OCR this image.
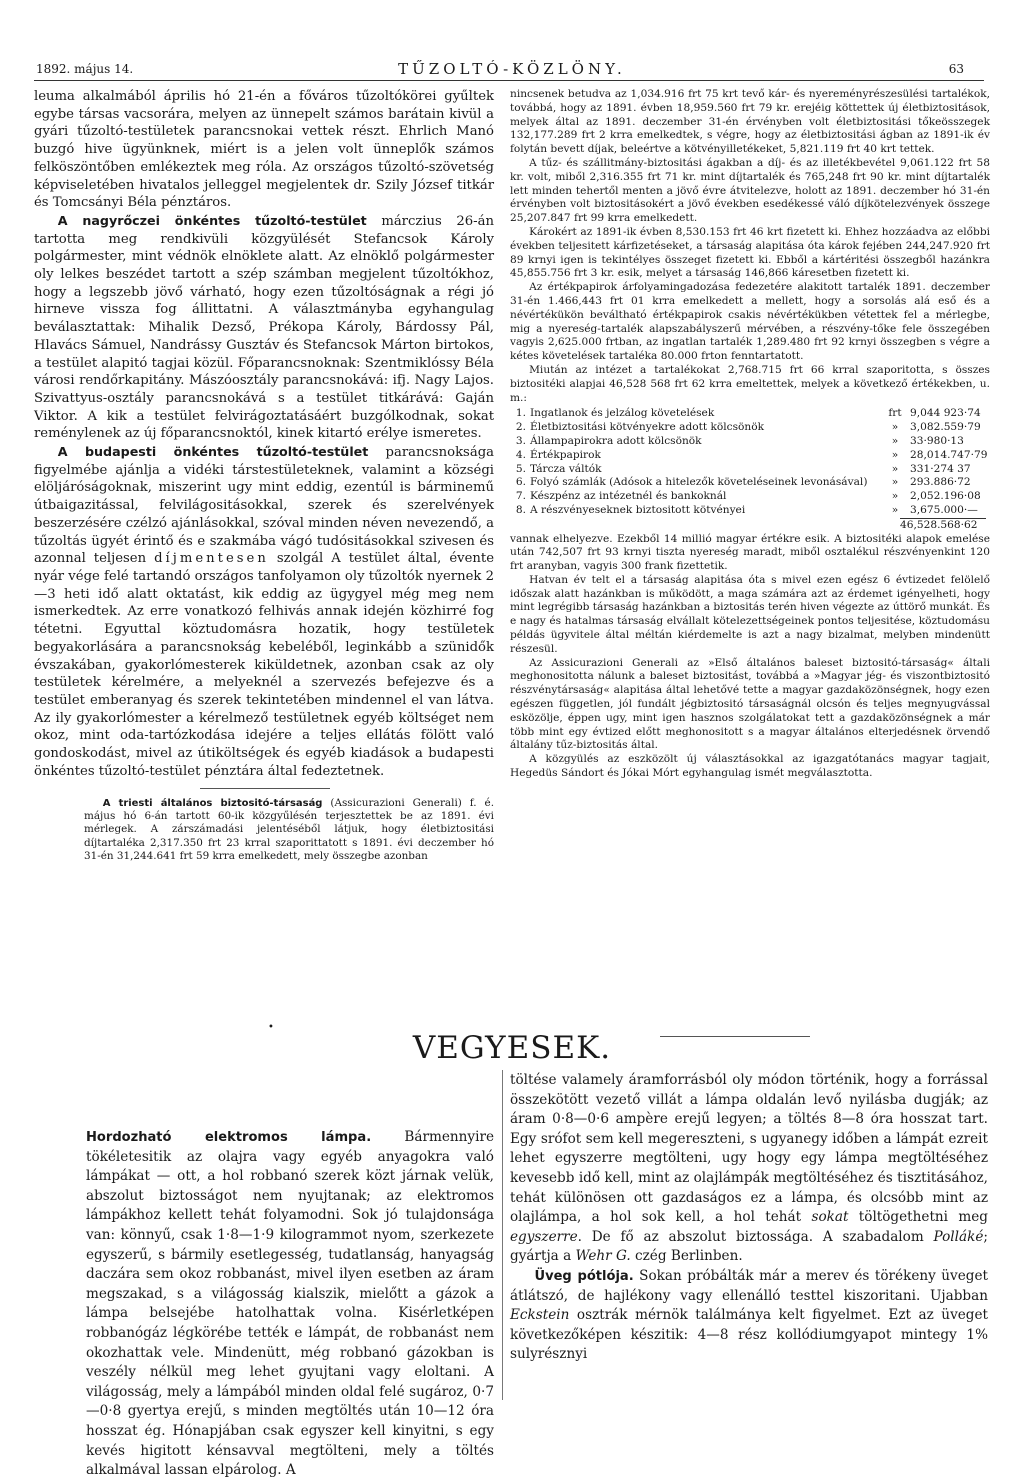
1892. május 14.	TŰZOLTÓ-KÖZLÖNY.	63

leuma alkalmából április hó 21-én a főváros tűzoltókörei gyűltek egybe társas vacsorára, melyen az ünnepelt számos barátain kivül a gyári tűzoltó-testületek parancsnokai vettek részt. Ehrlich Manó buzgó hive ügyünknek, miért is a jelen volt ünneplők számos felköszöntőben emlékeztek meg róla. Az országos tűzoltó-szövetség képviseletében hivatalos jelleggel megjelentek dr. Szily József titkár és Tomcsányi Béla pénztáros.

A nagyrőczei önkéntes tűzoltó-testület márczius 26-án tartotta meg rendkivüli közgyülését Stefancsok Károly polgármester, mint védnök elnöklete alatt. Az elnöklő polgármester oly lelkes beszédet tartott a szép számban megjelent tűzoltókhoz, hogy a legszebb jövő várható, hogy ezen tűzoltóságnak a régi jó hirneve vissza fog állittatni. A választmányba egyhangulag beválasztattak: Mihalik Dezső, Prékopa Károly, Bárdossy Pál, Hlavács Sámuel, Nandrássy Gusztáv és Stefancsok Márton birtokos, a testület alapitó tagjai közül. Főparancsnoknak: Szentmiklóssy Béla városi rendőrkapitány. Mászóosztály parancsnokává: ifj. Nagy Lajos. Szivattyus-osztály parancsnokává s a testület titkárává: Gaján Viktor. A kik a testület felvirágoztatásáért buzgólkodnak, sokat reménylenek az új főparancsnoktól, kinek kitartó erélye ismeretes.

A budapesti önkéntes tűzoltó-testület parancsnoksága figyelmébe ajánlja a vidéki társtestületeknek, valamint a községi elöljáróságoknak, miszerint ugy mint eddig, ezentúl is bárminemű útbaigazitással, felvilágositásokkal, szerek és szerelvények beszerzésére czélzó ajánlásokkal, szóval minden néven nevezendő, a tűzoltás ügyét érintő és e szakmába vágó tudósitásokkal szivesen és azonnal teljesen díjmentesen szolgál A testület által, évente nyár vége felé tartandó országos tanfolyamon oly tűzoltók nyernek 2—3 heti idő alatt oktatást, kik eddig az ügygyel még meg nem ismerkedtek. Az erre vonatkozó felhivás annak idején közhirré fog tétetni. Egyuttal köztudomásra hozatik, hogy testületek begyakorlására a parancsnokság kebeléből, leginkább a szünidők évszakában, gyakorlómesterek kiküldetnek, azonban csak az oly testületek kérelmére, a melyeknél a szervezés befejezve és a testület emberanyag és szerek tekintetében mindennel el van látva. Az ily gyakorlómester a kérelmező testületnek egyéb költséget nem okoz, mint oda-tartózkodása idejére a teljes ellátás fölött való gondoskodást, mivel az útiköltségek és egyéb kiadások a budapesti önkéntes tűzoltó-testület pénztára által fedeztetnek.

A triesti általános biztositó-társaság (Assicurazioni Generali) f. é. május hó 6-án tartott 60-ik közgyűlésén terjesztettek be az 1891. évi mérlegek. A zárszámadási jelentéséből látjuk, hogy életbiztositási díjtartaléka 2,317.350 frt 23 krral szaporittatott s 1891. évi deczember hó 31-én 31,244.641 frt 59 krra emelkedett, mely összegbe azonban

nincsenek betudva az 1,034.916 frt 75 krt tevő kár- és nyereményrészesülési tartalékok, továbbá, hogy az 1891. évben 18,959.560 frt 79 kr. erejéig köttettek új életbiztositások, melyek által az 1891. deczember 31-én érvényben volt életbiztositási tőkeösszegek 132,177.289 frt 2 krra emelkedtek, s végre, hogy az életbiztositási ágban az 1891-ik év folytán bevett díjak, beleértve a kötvényilletékeket, 5,821.119 frt 40 krt tettek.

A tűz- és szállitmány-biztositási ágakban a díj- és az illetékbevétel 9,061.122 frt 58 kr. volt, miből 2,316.355 frt 71 kr. mint díjtartalék és 765,248 frt 90 kr. mint díjtartalék lett minden tehertől menten a jövő évre átvitelezve, holott az 1891. deczember hó 31-én érvényben volt biztositásokért a jövő években esedékessé váló díjkötelezvények összege 25,207.847 frt 99 krra emelkedett.

Károkért az 1891-ik évben 8,530.153 frt 46 krt fizetett ki. Ehhez hozzáadva az előbbi években teljesitett kárfizetéseket, a társaság alapitása óta károk fejében 244,247.920 frt 89 krnyi igen is tekintélyes összeget fizetett ki. Ebből a kártéritési összegből hazánkra 45,855.756 frt 3 kr. esik, melyet a társaság 146,866 káresetben fizetett ki.

Az értékpapirok árfolyamingadozása fedezetére alakitott tartalék 1891. deczember 31-én 1.466,443 frt 01 krra emelkedett a mellett, hogy a sorsolás alá eső és a névértékükön beváltható értékpapirok csakis névértékükben vétettek fel a mérlegbe, mig a nyereség-tartalék alapszabályszerű mérvében, a részvény-tőke fele összegében vagyis 2,625.000 frtban, az ingatlan tartalék 1,289.480 frt 92 krnyi összegben s végre a kétes követelések tartaléka 80.000 frton fenntartatott.

Miután az intézet a tartalékokat 2,768.715 frt 66 krral szaporitotta, s összes biztositéki alapjai 46,528 568 frt 62 krra emeltettek, melyek a következő értékekben, u. m.:

1. Ingatlanok és jelzálog követelések	frt 9,044 923·74
2. Életbiztositási kötvényekre adott kölcsönök	»	3,082.559·79
3. Állampapirokra adott kölcsönök	»	33·980·13
4. Értékpapirok	»	28,014.747·79
5. Tárcza váltók	»	331·274 37
6. Folyó számlák (Adósok a hitelezők követeléseinek levonásával)	»	293.886·72
7. Készpénz az intézetnél és bankoknál	»	2,052.196·08
8. A részvényeseknek biztositott kötvényei	»	3,675.000·—
46,528.568·62

vannak elhelyezve. Ezekből 14 millió magyar értékre esik. A biztositéki alapok emelése után 742,507 frt 93 krnyi tiszta nyereség maradt, miből osztalékul részvényenkint 120 frt aranyban, vagyis 300 frank fizettetik.

Hatvan év telt el a társaság alapitása óta s mivel ezen egész 6 évtizedet felölelő időszak alatt hazánkban is működött, a maga számára azt az érdemet igényelheti, hogy mint legrégibb társaság hazánkban a biztositás terén hiven végezte az úttörő munkát. És e nagy és hatalmas társaság elvállalt kötelezettségeinek pontos teljesitése, köztudomásu példás ügyvitele által méltán kiérdemelte is azt a nagy bizalmat, melyben mindenütt részesül.

Az Assicurazioni Generali az »Első általános baleset biztositó-társaság« általi meghonositotta nálunk a baleset biztositást, továbbá a »Magyar jég- és viszontbiztositó részvénytársaság« alapitása által lehetővé tette a magyar gazdaközönségnek, hogy ezen egészen független, jól fundált jégbiztositó társaságnál olcsón és teljes megnyugvással esközölje, éppen ugy, mint igen hasznos szolgálatokat tett a gazdaközönségnek a már több mint egy évtized előtt meghonositott s a magyar általános elterjedésnek örvendő általány tűz-biztositás által.

A közgyülés az eszközölt új választásokkal az igazgatótanács magyar tagjait, Hegedüs Sándort és Jókai Mórt egyhangulag ismét megválasztotta.

•
VEGYESEK.

Hordozható elektromos lámpa. Bármennyire tökéletesitik az olajra vagy egyéb anyagokra való lámpákat — ott, a hol robbanó szerek közt járnak velük, abszolut biztosságot nem nyujtanak; az elektromos lámpákhoz kellett tehát folyamodni. Sok jó tulajdonsága van: könnyű, csak 1·8—1·9 kilogrammot nyom, szerkezete egyszerű, s bármily esetlegesség, tudatlanság, hanyagság daczára sem okoz robbanást, mivel ilyen esetben az áram megszakad, s a világosság kialszik, mielőtt a gázok a lámpa belsejébe hatolhattak volna. Kisérletképen robbanógáz légkörébe tették e lámpát, de robbanást nem okozhattak vele. Mindenütt, még robbanó gázokban is veszély nélkül meg lehet gyujtani vagy eloltani. A világosság, mely a lámpából minden oldal felé sugároz, 0·7—0·8 gyertya erejű, s minden megtöltés után 10—12 óra hosszat ég. Hónapjában csak egyszer kell kinyitni, s egy kevés higitott kénsavval megtölteni, mely a töltés alkalmával lassan elpárolog. A

töltése valamely áramforrásból oly módon történik, hogy a forrással összekötött vezető villát a lámpa oldalán levő nyilásba dugják; az áram 0·8—0·6 ampère erejű legyen; a töltés 8—8 óra hosszat tart. Egy srófot sem kell megereszteni, s ugyanegy időben a lámpát ezreit lehet egyszerre megtölteni, ugy hogy egy lámpa megtöltéséhez kevesebb idő kell, mint az olajlámpák megtöltéséhez és tisztitásához, tehát különösen ott gazdaságos ez a lámpa, és olcsóbb mint az olajlámpa, a hol sok kell, a hol tehát sokat töltögethetni meg egyszerre. De fő az abszolut biztossága. A szabadalom Polláké; gyártja a Wehr G. czég Berlinben.

Üveg pótlója. Sokan próbálták már a merev és törékeny üveget átlátszó, de hajlékony vagy ellenálló testtel kiszoritani. Ujabban Eckstein osztrák mérnök találmánya kelt figyelmet. Ezt az üveget következőképen készitik: 4—8 rész kollódiumgyapot mintegy 1% sulyrésznyi
